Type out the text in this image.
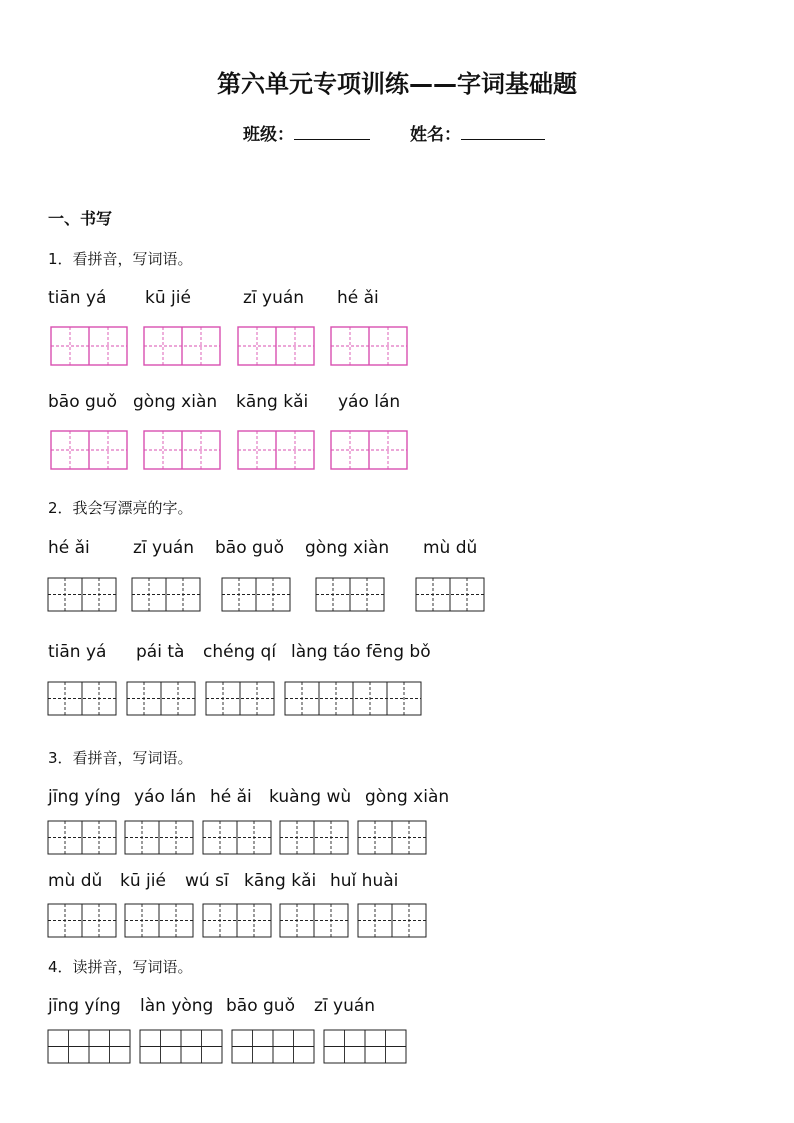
第六单元专项训练——字词基础题
班级：	姓名：
一、书写
1．看拼音，写词语。
tiān yá kū jié	zī yuán hé ǎi
bāo guǒ gòng xiàn kāng kǎi yáo lán
2．我会写漂亮的字。
hé ǎi	zī yuán bāo guǒ gòng xiàn mù dǔ
tiān yá pái tà chéng qí làng táo fēng bǒ
3．看拼音，写词语。
jīng yíng yáo lán hé ǎi kuàng wù gòng xiàn
mù dǔ kū jié wú sī kāng kǎi huǐ huài
4．读拼音，写词语。
jīng yíng làn yòng bāo guǒ zī yuán
